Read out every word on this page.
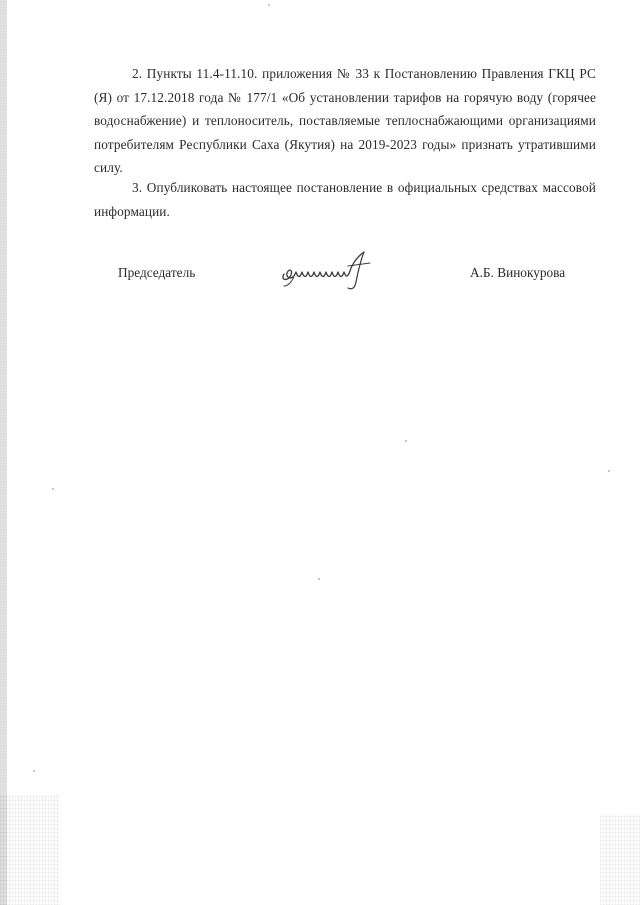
2. Пункты 11.4-11.10. приложения № 33 к Постановлению Правления ГКЦ РС (Я) от 17.12.2018 года № 177/1 «Об установлении тарифов на горячую воду (горячее водоснабжение) и теплоноситель, поставляемые теплоснабжающими организациями потребителям Республики Саха (Якутия) на 2019-2023 годы» признать утратившими силу.

3. Опубликовать настоящее постановление в официальных средствах массовой информации.

Председатель	А.Б. Винокурова
